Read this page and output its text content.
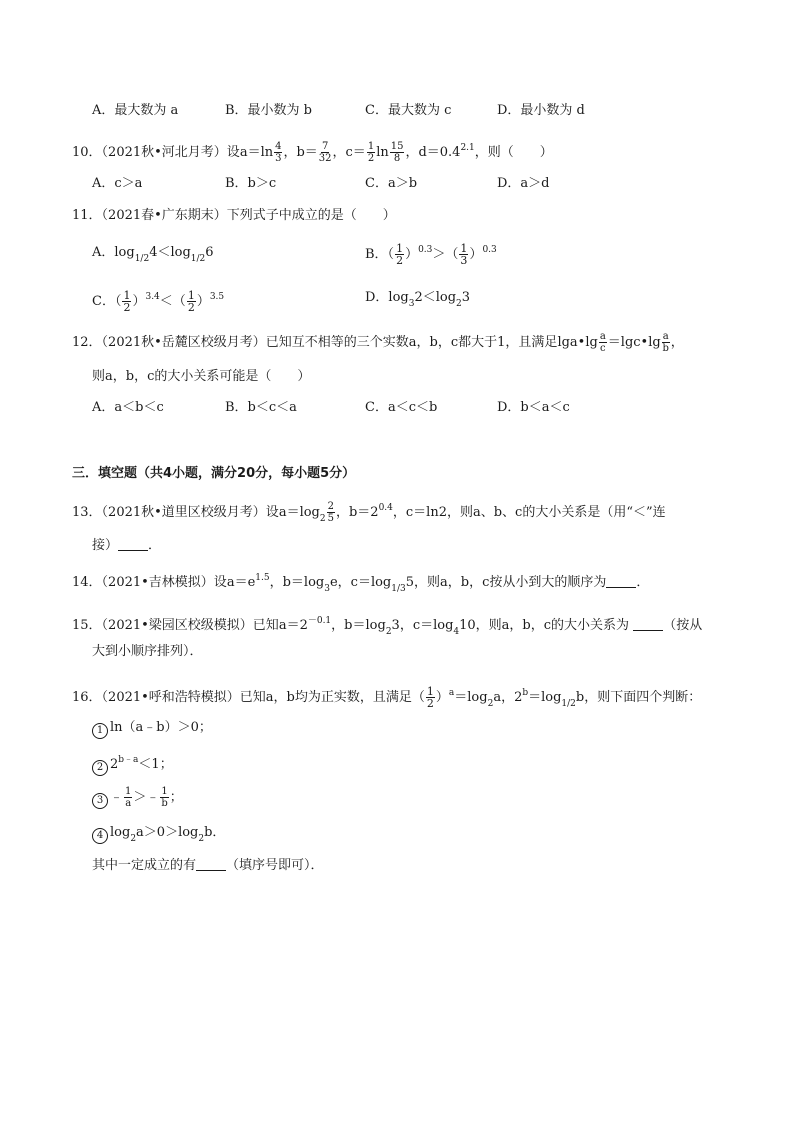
A．最大数为 a	B．最小数为 b	C．最大数为 c	D．最小数为 d
10．（2021秋•河北月考）设$a=\ln \frac{4}{3}$ ，$b= \frac{7}{32}$ ，$c= \frac{1}{2}$ $\ln \frac{15}{8}$ ，$d=0.4^{2.1}$，则（　　）
A．c＞a	B．b＞c	C．a＞b	D．a＞d
11．（2021春•广东期末）下列式子中成立的是（　　）
A．$\log_{1/2}4<\log_{1/2}6$	B．（ $\frac{1}{2} )^{0.3}>( \frac{1}{3} )^{0.3}$
C．（ $\frac{1}{2} )^{3.4}<( \frac{1}{2} )^{3.5}$	D．$\log_32<\log_23$
12．（2021秋•岳麓区校级月考）已知互不相等的三个实数a，b，c都大于1，且满足lga•lg $\frac{a}{c}$ ＝lgc•lg $\frac{a}{b}$ ，
则a，b，c的大小关系可能是（　　）
A．a＜b＜c	B．b＜c＜a	C．a＜c＜b	D．b＜a＜c
三．填空题（共4小题，满分20分，每小题5分）
13．（2021秋•道里区校级月考）设$a=\log_2 \frac{2}{5}$ ，$b=2^{0.4}$，c＝ln2，则a、b、c的大小关系是（用“＜”连
接） ．
14．（2021•吉林模拟）设$a=e^{1.5}$，$b=\log_3e$，$c=\log_{1/3}5$，则a，b，c按从小到大的顺序为 ．
15．（2021•梁园区校级模拟）已知$a=2^{-0.1}$，$b=\log_23$，$c=\log_410$，则a，b，c的大小关系为	（按从
大到小顺序排列）．
16．（2021•呼和浩特模拟）已知a，b均为正实数，且满足（ $\frac{1}{2} )^a=\log_2a$，$2^b=\log_{1/2}b$，则下面四个判断：
1 ln（a﹣b）＞0；
2 $2^{b﹣a}<1$；
3 ﹣ $\frac{1}{a}$ ＞﹣ $\frac{1}{b}$ ；
4 $\log_2a>0>\log_2b$．
其中一定成立的有 （填序号即可）．
